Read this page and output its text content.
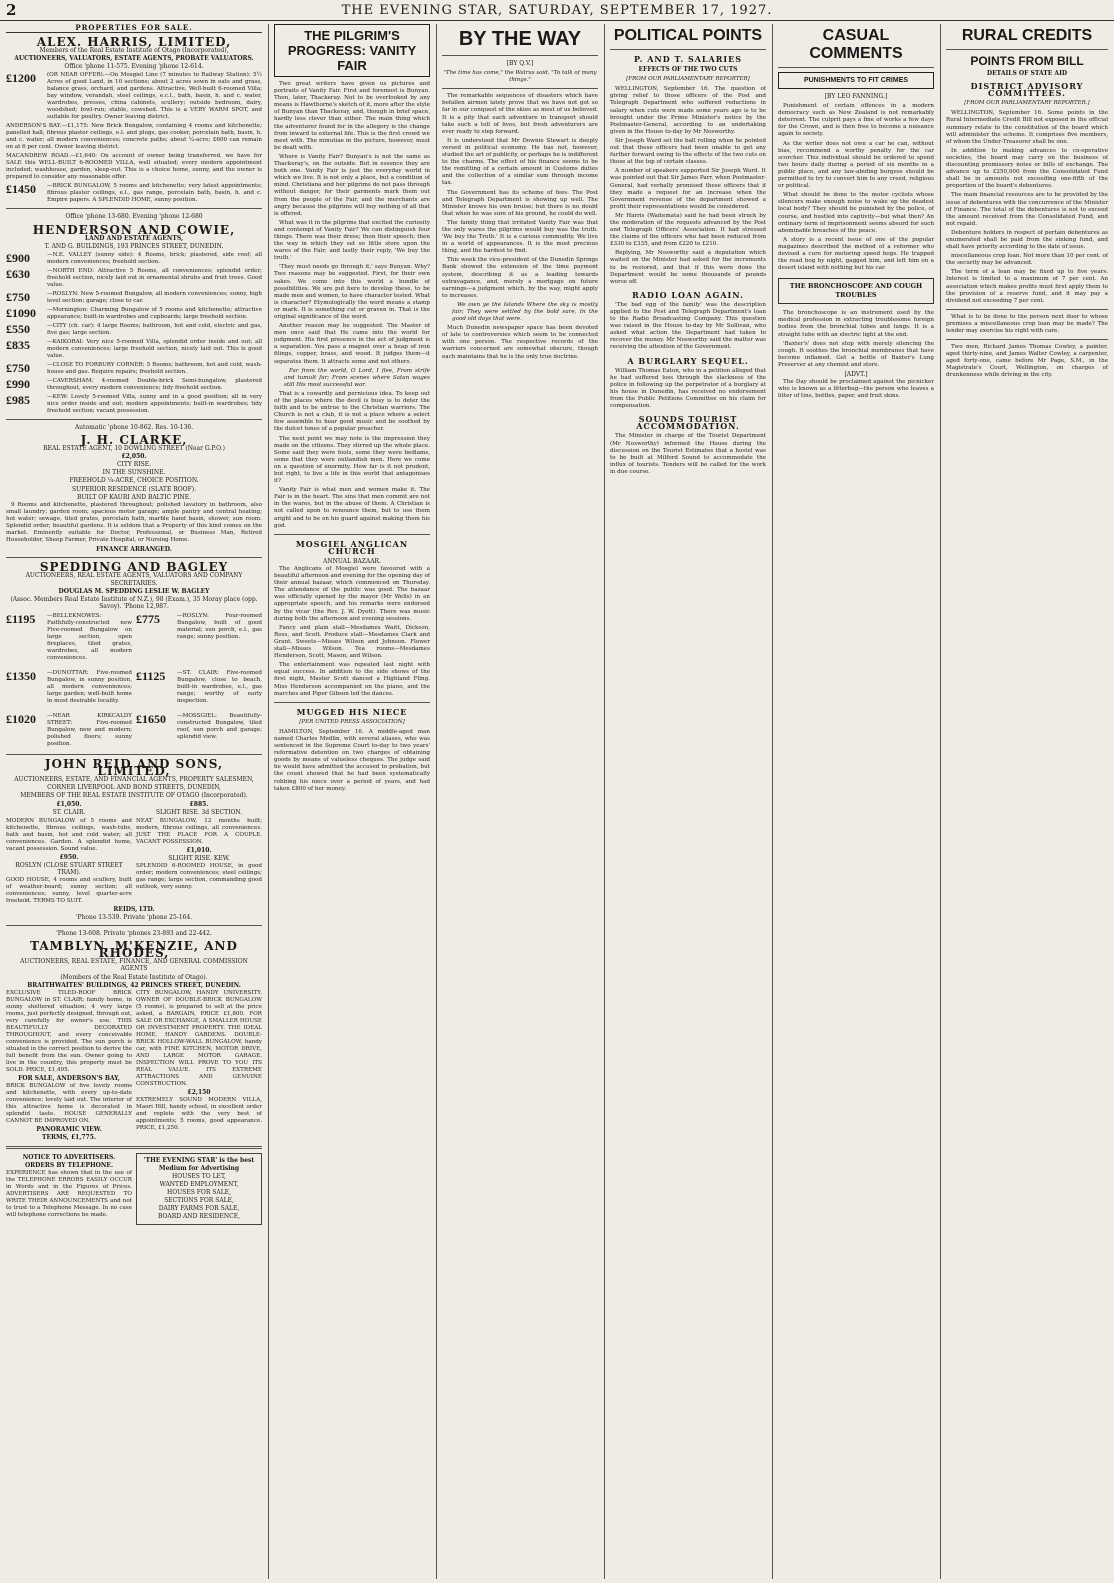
2	THE EVENING STAR, SATURDAY, SEPTEMBER 17, 1927.
PROPERTIES FOR SALE.
ALEX. HARRIS, LIMITED,
Members of the Real Estate Institute of Otago (Incorporated),
AUCTIONEERS, VALUATORS, ESTATE AGENTS, PROBATE VALUATORS.
Office 'phone 11-575. Evening 'phone 12-614.
£1200	(OR NEAR OFFER).—On Mosgiel Line (7 minutes to Railway Station): 5½ Acres of good Land, in 10 sections; about 2 acres sown in oats and grass, balance grass, orchard, and gardens. Attractive, Well-built 6-roomed Villa; bay window, verandah, steel ceilings, e.c.l., bath, basin, h. and c. water, wardrobes, presses, china cabinets, scullery; outside bedroom, dairy, woodshed; fowl-run; stable, cowshed. This is a VERY WARM SPOT, and suitable for poultry. Owner leaving district.
ANDERSON'S BAY.—£1,175: New Brick Bungalow, containing 4 rooms and kitchenette; panelled hall, fibrous plaster ceilings, e.l. and plugs, gas cooker, porcelain bath, basin, h. and c. water; all modern conveniences; concrete paths; about ¼-acre; £600 can remain on at 6 per cent. Owner leaving district.
MACANDREW ROAD.—£1,640: On account of owner being transferred, we have for SALE this WELL-BUILT 6-ROOMED VILLA, well situated; every modern appointment included; washhouse, garden, sleep-out. This is a choice home, sunny, and the owner is prepared to consider any reasonable offer.
£1450	—BRICK BUNGALOW, 5 rooms and kitchenette; very latest appointments; fibrous plaster ceilings, e.l., gas range, porcelain bath, basin, h. and c. Empire papers. A SPLENDID HOME, sunny position.
Office 'phone 13-680. Evening 'phone 12-680
HENDERSON AND COWIE,
LAND AND ESTATE AGENTS,
T. AND G. BUILDINGS, 193 PRINCES STREET, DUNEDIN.
£900	—N.E. VALLEY (sunny side): 4 Rooms, brick; plastered, side roof; all modern conveniences; freehold section.
£630	—NORTH END: Attractive 5 Rooms, all conveniences; splendid order; freehold section, nicely laid out in ornamental shrubs and fruit trees. Good value.
£750	—ROSLYN: New 5-roomed Bungalow, all modern conveniences; sunny, high level section; garage; close to car.
£1090	—Mornington: Charming Bungalow of 5 rooms and kitchenette; attractive appearance; built-in wardrobes and cupboards; large freehold section.
£550	—CITY (ch. car): 4 large Rooms; bathroom, hot and cold, electric and gas, five gas; large section.
£835	—KAIKORAI: Very nice 5-roomed Villa, splendid order inside and out; all modern conveniences; large freehold section, nicely laid out. This is good value.
£750	—CLOSE TO FORBURY CORNER: 5 Rooms; bathroom, hot and cold, wash-house and gas. Require repairs; freehold section.
£990	—CAVERSHAM: 4-roomed Double-brick Semi-bungalow, plastered throughout, every modern convenience; tidy freehold section.
£985	—KEW: Lovely 5-roomed Villa, sunny and in a good position; all in very nice order inside and out; modern appointments; built-in wardrobes; tidy freehold section; vacant possession.
Automatic 'phone 10-862. Res. 10-136.
J. H. CLARKE,
REAL ESTATE AGENT, 10 DOWLING STREET (Near G.P.O.)
£2,050.
CITY RISE.
IN THE SUNSHINE.
FREEHOLD ¼-ACRE, CHOICE POSITION.
SUPERIOR RESIDENCE (SLATE ROOF).
BUILT OF KAURI AND BALTIC PINE.

9 Rooms and kitchenette, plastered throughout; polished lavatory in bathroom, also small laundry; garden room; spacious motor garage; ample pantry and central heating; hot water; sewage, tiled grates, porcelain bath, marble hand basin, shower, sun room. Splendid order; beautiful gardens. It is seldom that a Property of this kind comes on the market. Eminently suitable for Doctor, Professional, or Business Man, Retired Householder, Sheep Farmer, Private Hospital, or Nursing Home.

FINANCE ARRANGED.
SPEDDING AND BAGLEY
AUCTIONEERS, REAL ESTATE AGENTS, VALUATORS AND COMPANY SECRETARIES.
DOUGLAS M. SPEDDING LESLIE W. BAGLEY
(Assoc. Members Real Estate Institute of N.Z.), 98 (Exam.), 35 Moray place (opp. Savoy). 'Phone 12,987.
£1195	—BELLEKNOWES: Faithfully-constructed new Five-roomed Bungalow on large section, open fireplaces, tiled grates, wardrobes, all modern conveniences.
£775	—ROSLYN: Four-roomed Bungalow, built of good material; sun porch, e.l., gas range; sunny position.
£1350	—DUNOTTAR: Five-roomed Bungalow, in sunny position, all modern conveniences; large garden; well-built home in most desirable locality.
£1125	—ST. CLAIR: Five-roomed Bungalow, close to beach, built-in wardrobes, e.l., gas range; worthy of early inspection.
£1020	—NEAR KIRKCALDY STREET: Five-roomed Bungalow, new and modern; polished floors; sunny position.
£1650	—MOSSGIEL: Beautifully-constructed Bungalow, tiled roof, sun porch and garage; splendid view.
JOHN REID AND SONS, LIMITED,
AUCTIONEERS, ESTATE, AND FINANCIAL AGENTS, PROPERTY SALESMEN,
CORNER LIVERPOOL AND BOND STREETS, DUNEDIN,
MEMBERS OF THE REAL ESTATE INSTITUTE OF OTAGO (Incorporated).
£1,050.
ST. CLAIR.
MODERN BUNGALOW of 5 rooms and kitchenette, fibrous ceilings, wash-tubs, bath and basin, hot and cold water; all conveniences. Garden. A splendid home, vacant possession. Sound value.
£950.
ROSLYN (CLOSE STUART STREET TRAM).
GOOD HOUSE, 4 rooms and scullery, built of weather-board; sunny section; all conveniences; sunny, level quarter-acre freehold. TERMS TO SUIT.
£885.
SLIGHT RISE. 3d SECTION.
NEAT BUNGALOW, 12 months built; modern, fibrous ceilings, all conveniences. JUST THE PLACE FOR A COUPLE. VACANT POSSESSION.
£1,010.
SLIGHT RISE. KEW.
SPLENDID 6-ROOMED HOUSE, in good order; modern conveniences; steel ceilings; gas range; large section, commanding good outlook, very sunny.
REIDS, LTD.
'Phone 13-539. Private 'phone 25-164.
'Phone 13-608. Private 'phones 23-893 and 22-442.
TAMBLYN, M'KENZIE, AND RHODES,
AUCTIONEERS, REAL ESTATE, FINANCE, AND GENERAL COMMISSION AGENTS
(Members of the Real Estate Institute of Otago).
BRAITHWAITES' BUILDINGS, 42 PRINCES STREET, DUNEDIN.
EXCLUSIVE TILED-ROOF BRICK BUNGALOW in ST. CLAIR; family home, in sunny sheltered situation; 4 very large rooms, just perfectly designed, through out, very carefully for owner's use. THIS BEAUTIFULLY DECORATED THROUGHOUT, and every conceivable convenience is provided. The sun porch is situated in the correct position to derive the full benefit from the sun. Owner going to live in the country, this property must be SOLD. PRICE, £1,495.
FOR SALE, ANDERSON'S BAY,
BRICK BUNGALOW of five lovely rooms and kitchenette, with every up-to-date convenience; lovely laid out. The interior of this attractive home is decorated in splendid taste. HOUSE GENERALLY CANNOT BE IMPROVED ON.
PANORAMIC VIEW.
TERMS, £1,775.
CITY BUNGALOW, HANDY UNIVERSITY. OWNER OF DOUBLE-BRICK BUNGALOW (5 rooms), is prepared to sell at the price asked, a BARGAIN, PRICE £1,800. FOR SALE OR EXCHANGE, A SMALLER HOUSE OR INVESTMENT PROPERTY. THE IDEAL HOME, HANDY GARDENS. DOUBLE-BRICK HOLLOW-WALL BUNGALOW, handy car, with FINE KITCHEN, MOTOR DRIVE, AND LARGE MOTOR GARAGE. INSPECTION WILL PROVE TO YOU ITS REAL VALUE. ITS EXTREME ATTRACTIONS AND GENUINE CONSTRUCTION.
£2,150
EXTREMELY SOUND MODERN VILLA, Maori Hill, handy school, in excellent order and replete with the very best of appointments; 5 rooms, good appearance. PRICE, £1,250.
NOTICE TO ADVERTISERS.
ORDERS BY TELEPHONE.
EXPERIENCE has shown that in the use of the TELEPHONE ERRORS EASILY OCCUR in Words and in the Figures of Prices. ADVERTISERS ARE REQUESTED TO WRITE THEIR ANNOUNCEMENTS and not to trust to a Telephone Message. In no case will telephone corrections be made.
'THE EVENING STAR' is the best Medium for Advertising
HOUSES TO LET,
WANTED EMPLOYMENT,
HOUSES FOR SALE,
SECTIONS FOR SALE,
DAIRY FARMS FOR SALE,
BOARD AND RESIDENCE,
THE PILGRIM'S PROGRESS: VANITY FAIR

Two great writers have given us pictures and portraits of Vanity Fair. First and foremost is Bunyan. Then, later, Thackeray. Not to be overlooked by any means is Hawthorne's sketch of it, more after the style of Bunyan than Thackeray, and, though in brief space, hardly less clever than either. The main thing which the adventurer found for in the allegory is the change from inward to external life. This is the first crowd we meet with. The minutiae in the picture, however, must be dealt with.

Where is Vanity Fair? Bunyan's is not the same as Thackeray's, on the outside. But in essence they are both one. Vanity Fair is just the everyday world in which we live. It is not only a place, but a condition of mind. Christiana and her pilgrims do not pass through without danger, for their garments mark them out from the people of the Fair, and the merchants are angry because the pilgrims will buy nothing of all that is offered.

What was it in the pilgrims that excited the curiosity and contempt of Vanity Fair? We can distinguish four things. There was their dress; then their speech; then the way in which they set so little store upon the wares of the Fair; and lastly their reply, 'We buy the truth.'

'They must needs go through it,' says Bunyan. Why? Two reasons may be suggested. First, for their own sakes. We come into this world a bundle of possibilities. We are put here to develop these, to be made men and women, to have character tested. What is character? Etymologically the word means a stamp or mark. It is something cut or graven in. That is the original significance of the word.

Another reason may be suggested. The Master of men once said that He came into the world for judgment. His first presence in the act of judgment is a separation. You pass a magnet over a heap of iron filings, copper, brass, and wood. It judges them—it separates them. It attracts some and not others.

Far from the world, O Lord, I flee, From strife and tumult far; From scenes where Satan wages still His most successful war.

That is a cowardly and pernicious idea. To keep out of the places where the devil is busy is to deter the faith and to be untrue to the Christian warriors. The Church is not a club, it is not a place where a select few assemble to hear good music and be soothed by the dulcet tones of a popular preacher.

The next point we may note is the impression they made on the citizens. They stirred up the whole place. Some said they were fools, some they were bedlams, some that they were outlandish men. Here we come on a question of enormity. How far is it not prudent, but right, to live a life in this world that antagonises it?

Vanity Fair is what men and women make it. The Fair is in the heart. The sins that men commit are not in the wares, but in the abuse of them. A Christian is not called upon to renounce them, but to use them aright and to be on his guard against making them his god.

MOSGIEL ANGLICAN CHURCH
ANNUAL BAZAAR.

The Anglicans of Mosgiel were favoured with a beautiful afternoon and evening for the opening day of their annual bazaar, which commenced on Thursday. The attendance of the public was good. The bazaar was officially opened by the mayor (Mr Wells) in an appropriate speech, and his remarks were endorsed by the vicar (the Rev. J. W. Dyott). There was music during both the afternoon and evening sessions.

Fancy and plain stall—Mesdames Waitt, Dickson, Ross, and Scott. Produce stall—Mesdames Clark and Grant. Sweets—Misses Wilson and Johnson. Flower stall—Misses Wilson. Tea rooms—Mesdames Henderson, Scott, Mason, and Wilson.

The entertainment was repeated last night with equal success. In addition to the side shows of the first night, Master Scott danced a Highland Fling. Miss Henderson accompanied on the piano, and the marches and Piper Gibson led the dances.

MUGGED HIS NIECE
[PER UNITED PRESS ASSOCIATION]

HAMILTON, September 16. A middle-aged man named Charles Medlin, with several aliases, who was sentenced in the Supreme Court to-day to two years' reformative detention on two charges of obtaining goods by means of valueless cheques. The judge said he would have admitted the accused to probation, but the count showed that he had been systematically robbing his niece over a period of years, and had taken £800 of her money.

BY THE WAY
[BY Q.V.]
"The time has come," the Walrus said, "To talk of many things."

The remarkable sequences of disasters which have befallen airmen lately prove that we have not got so far in our conquest of the skies as most of us believed. It is a pity that each adventure in transport should take such a toll of lives, but fresh adventurers are ever ready to step forward.

It is understood that Mr Downie Stewart is deeply versed in political economy. He has not, however, studied the art of publicity, or perhaps he is indifferent to the charms. The effect of his finance seems to be the remitting of a certain amount in Customs duties and the collection of a similar sum through income tax.

The Government has its scheme of fees. The Post and Telegraph Department is showing up well. The Minister knows his own bruise; but there is no doubt that when he was sure of his ground, he could do well.

The family thing that irritated Vanity Fair was that the only wares the pilgrims would buy was the truth. 'We buy the Truth.' It is a curious commodity. We live in a world of appearances. It is the most precious thing, and the hardest to find.

This week the vice-president of the Dunedin Springs Bank showed the extension of the time payment system, describing it as a leading towards extravagance, and, merely a mortgage on future earnings—a judgment which, by the way, might apply to increases.

We own ye the Islands Where the sky is mostly fair; They were settled by the bold sure, In the good old days that were.

Much Dunedin newspaper space has been devoted of late to controversies which seem to be connected with one person. The respective records of the warriors concerned are somewhat obscure, though each maintains that he is the only true doctrine.

POLITICAL POINTS
P. AND T. SALARIES
EFFECTS OF THE TWO CUTS
[FROM OUR PARLIAMENTARY REPORTER]

WELLINGTON, September 16. The question of giving relief to those officers of the Post and Telegraph Department who suffered reductions in salary when cuts were made some years ago is to be brought under the Prime Minister's notice by the Postmaster-General, according to an undertaking given in the House to-day by Mr Nosworthy.

Sir Joseph Ward set the ball rolling when he pointed out that these officers had been unable to get any further forward owing to the effects of the two cuts on those at the top of certain classes.

A number of speakers supported Sir Joseph Ward. It was pointed out that Sir James Parr, when Postmaster-General, had verbally promised these officers that if they made a request for an increase when the Government revenue of the department showed a profit their representations would be considered.

Mr Harris (Waitemata) said he had been struck by the moderation of the requests advanced by the Post and Telegraph Officers' Association. It had stressed the claims of the officers who had been reduced from £330 to £335, and from £220 to £210.

Replying, Mr Nosworthy said a deputation which waited on the Minister had asked for the increments to be restored, and that if this were done the Department would be some thousands of pounds worse off.

RADIO LOAN AGAIN.

'The bad egg of the family' was the description applied to the Post and Telegraph Department's loan to the Radio Broadcasting Company. This question was raised in the House to-day by Mr Sullivan, who asked what action the Department had taken to recover the money. Mr Nosworthy said the matter was receiving the attention of the Government.

A BURGLARY SEQUEL.

William Thomas Eaton, who in a petition alleged that he had suffered loss through the slackness of the police in following up the perpetrator of a burglary at his house in Dunedin, has received no endorsement from the Public Petitions Committee on his claim for compensation.

SOUNDS TOURIST ACCOMMODATION.

The Minister in charge of the Tourist Department (Mr Nosworthy) informed the House during the discussion on the Tourist Estimates that a hostel was to be built at Milford Sound to accommodate the influx of tourists. Tenders will be called for the work in due course.

CASUAL COMMENTS
PUNISHMENTS TO FIT CRIMES
[BY LEO FANNING.]

Punishment of certain offences in a modern democracy such as New Zealand is not remarkably deterrent. The culprit pays a fine of works a few days for the Crown, and is then free to become a nuisance again to society.

As the writer does not own a car he can, without bias, recommend a worthy penalty for the car scorcher. This individual should be ordered to spend two hours daily during a period of six months in a public place, and any law-abiding burgess should be permitted to try to convert him to any creed, religious or political.

What should be done to the motor cyclists whose silencers make enough noise to wake up the deadest local body? They should be punished by the police, of course, and hustled into captivity—but what then? An ordinary term of imprisonment seems absurd for such abominable breaches of the peace.

A story is a recent issue of one of the popular magazines described the method of a reformer who devised a cure for motoring speed hogs. He trapped the road hog by night, gagged him, and left him on a desert island with nothing but his car.

THE BRONCHOSCOPE AND COUGH TROUBLES

The bronchoscope is an instrument used by the medical profession in extracting troublesome foreign bodies from the bronchial tubes and lungs. It is a straight tube with an electric light at the end.

'Baxter's' does not stop with merely silencing the cough. It soothes the bronchial membranes that have become inflamed. Get a bottle of Baxter's Lung Preserver at any chemist and store.

[ADVT.]

The Day should be proclaimed against the picnicker who is known as a litterbug—the person who leaves a litter of tins, bottles, paper, and fruit skins.

RURAL CREDITS
POINTS FROM BILL
DETAILS OF STATE AID
DISTRICT ADVISORY COMMITTEES.
[FROM OUR PARLIAMENTARY REPORTER.]

WELLINGTON, September 16. Some points in the Rural Intermediate Credit Bill not exposed in the official summary relate to the constitution of the board which will administer the scheme. It comprises five members, of whom the Under-Treasurer shall be one.

In addition to making advances to co-operative societies, the board may carry on the business of discounting promissory notes or bills of exchange. The advance up to £250,000 from the Consolidated Fund shall be in amounts not exceeding one-fifth of the proportion of the board's debentures.

The main financial resources are to be provided by the issue of debentures with the concurrence of the Minister of Finance. The total of the debentures is not to exceed the amount received from the Consolidated Fund, and not repaid.

Debenture holders in respect of pertain debentures as enumerated shall be paid from the sinking fund, and shall have priority according to the date of issue.

miscellaneous crop loan. Not more than 10 per cent. of the security may be advanced.

The term of a loan may be fixed up to five years. Interest is limited to a maximum of 7 per cent. An association which makes profits must first apply them to the provision of a reserve fund, and it may pay a dividend not exceeding 7 per cent.

What is to be done to the person next door to whose premises a miscellaneous crop loan may be made? The lender may exercise his right with care.

Two men, Richard James Thomas Cowley, a painter, aged thirty-nine, and James Walter Cowley, a carpenter, aged forty-one, came before Mr Page, S.M., in the Magistrate's Court, Wellington, on charges of drunkenness while driving in the city.
